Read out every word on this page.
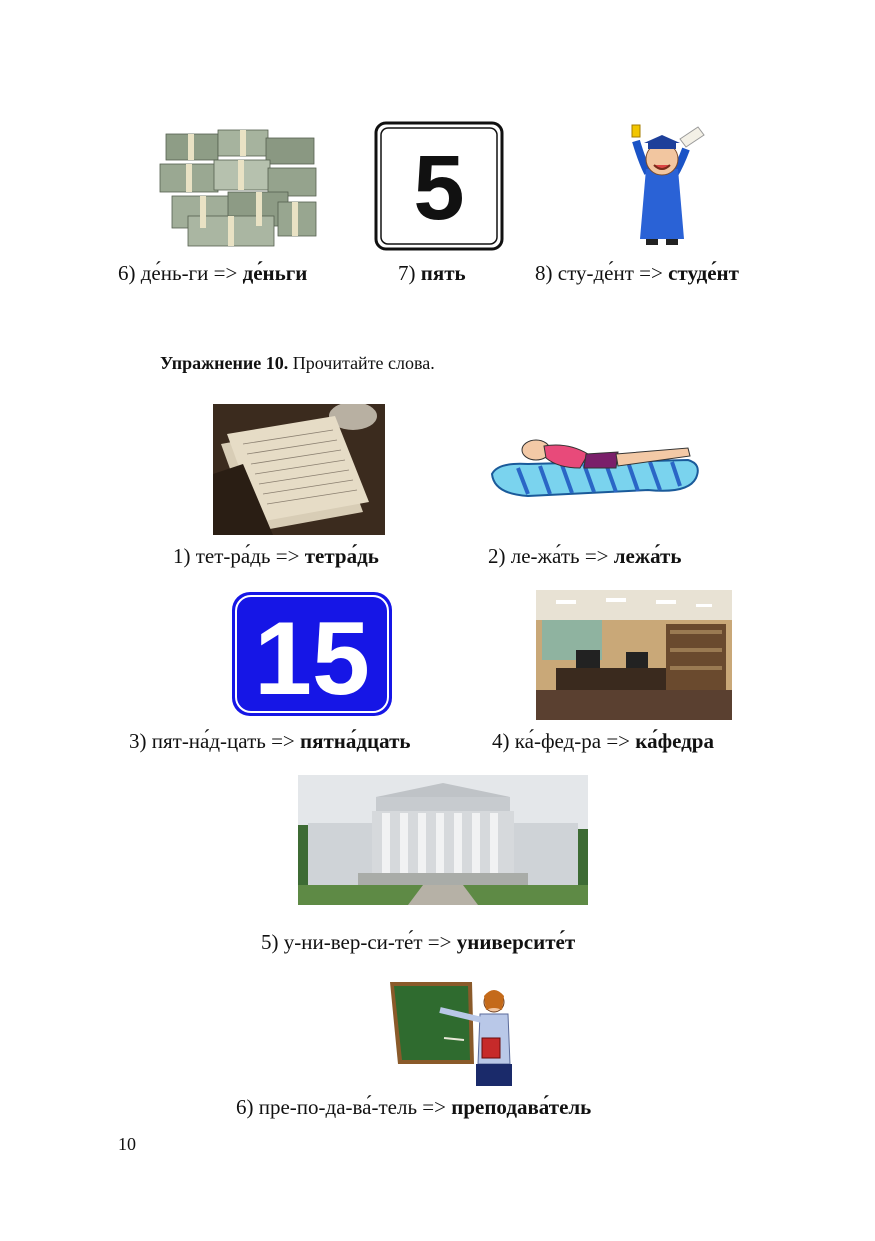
5
6) де́нь-ги => де́ньги	7) пять	8) сту-де́нт => студе́нт
Упражнение 10. Прочитайте слова.
1) тет-ра́дь => тетра́дь	2) ле-жа́ть => лежа́ть
15
3) пят-на́д-цать => пятна́дцать	4) ка́-фед-ра => ка́федра
5) у-ни-вер-си-те́т => университе́т
6) пре-по-да-ва́-тель => преподава́тель
10
